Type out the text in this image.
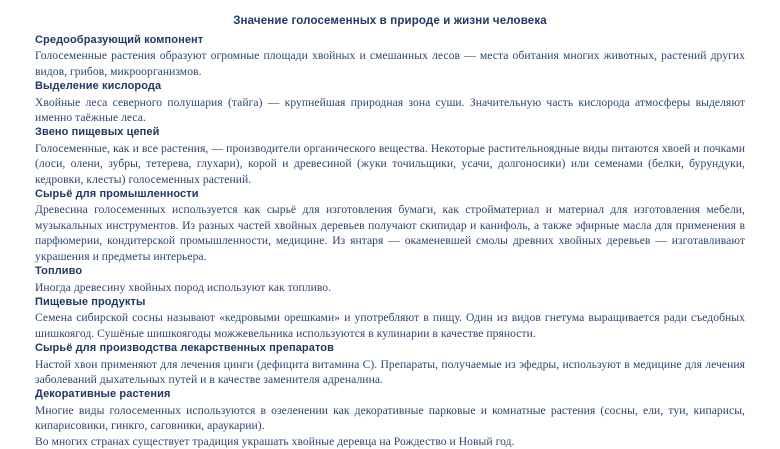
Значение голосеменных в природе и жизни человека
Средообразующий компонент

Голосеменные растения образуют огромные площади хвойных и смешанных лесов — места обитания многих животных, растений других видов, грибов, микроорганизмов.

Выделение кислорода

Хвойные леса северного полушария (тайга) — крупнейшая природная зона суши. Значительную часть кислорода атмосферы выделяют именно таёжные леса.

Звено пищевых цепей

Голосеменные, как и все растения, — производители органического вещества. Некоторые растительноядные виды питаются хвоей и почками (лоси, олени, зубры, тетерева, глухари), корой и древесиной (жуки точильщики, усачи, долгоносики) или семенами (белки, бурундуки, кедровки, клесты) голосеменных растений.

Сырьё для промышленности

Древесина голосеменных используется как сырьё для изготовления бумаги, как стройматериал и материал для изготовления мебели, музыкальных инструментов. Из разных частей хвойных деревьев получают скипидар и канифоль, а также эфирные масла для применения в парфюмерии, кондитерской промышленности, медицине. Из янтаря — окаменевшей смолы древних хвойных деревьев — изготавливают украшения и предметы интерьера.

Топливо

Иногда древесину хвойных пород используют как топливо.

Пищевые продукты

Семена сибирской сосны называют «кедровыми орешками» и употребляют в пищу. Один из видов гнетума выращивается ради съедобных шишкоягод. Сушёные шишкоягоды можжевельника используются в кулинарии в качестве пряности.

Сырьё для производства лекарственных препаратов

Настой хвои применяют для лечения цинги (дефицита витамина C). Препараты, получаемые из эфедры, используют в медицине для лечения заболеваний дыхательных путей и в качестве заменителя адреналина.

Декоративные растения

Многие виды голосеменных используются в озеленении как декоративные парковые и комнатные растения (сосны, ели, туи, кипарисы, кипарисовики, гинкго, саговники, араукарии).

Во многих странах существует традиция украшать хвойные деревца на Рождество и Новый год.
